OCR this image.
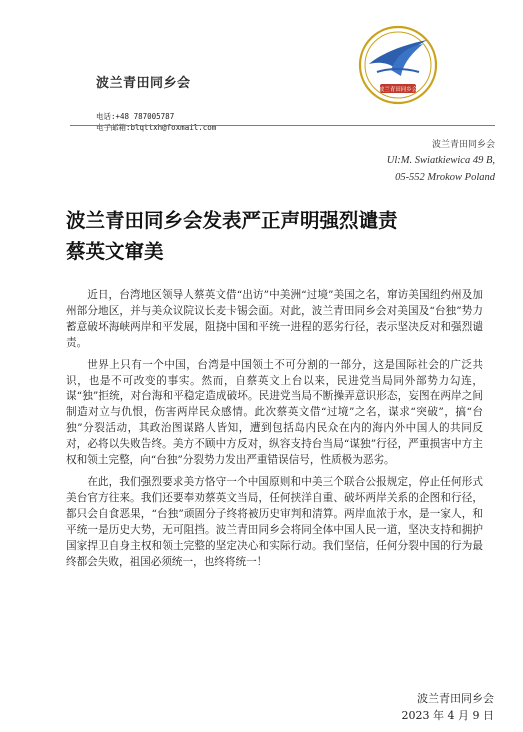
波兰青田同乡会
电话:+48 787005787
电子邮箱:blqttxh@foxmail.com
波兰青田同乡会
波兰青田同乡会
Ul:M. Swiatkiewica 49 B,
05-552 Mrokow Poland
波兰青田同乡会发表严正声明强烈谴责
蔡英文窜美

近日，台湾地区领导人蔡英文借“出访”中美洲“过境”美国之名，窜访美国纽约州及加州部分地区，并与美众议院议长麦卡锡会面。对此，波兰青田同乡会对美国及“台独”势力蓄意破坏海峡两岸和平发展，阻挠中国和平统一进程的恶劣行径，表示坚决反对和强烈谴责。

世界上只有一个中国，台湾是中国领土不可分割的一部分，这是国际社会的广泛共识，也是不可改变的事实。然而，自蔡英文上台以来，民进党当局同外部势力勾连，谋“独”拒统，对台海和平稳定造成破坏。民进党当局不断操弄意识形态，妄图在两岸之间制造对立与仇恨，伤害两岸民众感情。此次蔡英文借“过境”之名，谋求“突破”，搞“台独”分裂活动，其政治图谋路人皆知，遭到包括岛内民众在内的海内外中国人的共同反对，必将以失败告终。美方不顾中方反对，纵容支持台当局“谋独”行径，严重损害中方主权和领土完整，向“台独”分裂势力发出严重错误信号，性质极为恶劣。

在此，我们强烈要求美方恪守一个中国原则和中美三个联合公报规定，停止任何形式美台官方往来。我们还要奉劝蔡英文当局，任何挟洋自重、破坏两岸关系的企图和行径，都只会自食恶果，“台独”顽固分子终将被历史审判和清算。两岸血浓于水，是一家人，和平统一是历史大势，无可阻挡。波兰青田同乡会将同全体中国人民一道，坚决支持和拥护国家捍卫自身主权和领土完整的坚定决心和实际行动。我们坚信，任何分裂中国的行为最终都会失败，祖国必须统一，也终将统一！

波兰青田同乡会
2023 年 4 月 9 日
